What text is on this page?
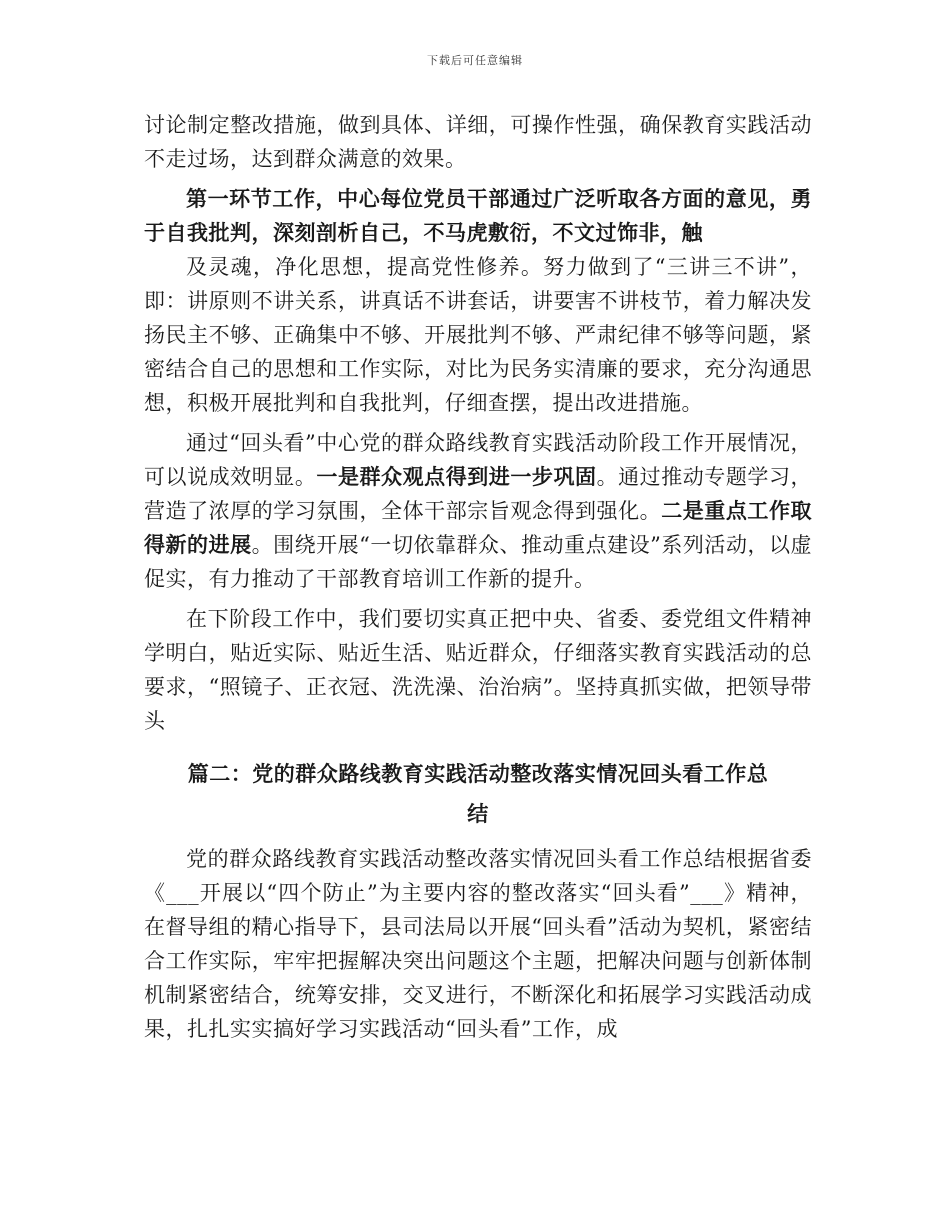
下载后可任意编辑

讨论制定整改措施，做到具体、详细，可操作性强，确保教育实践活动不走过场，达到群众满意的效果。

第一环节工作，中心每位党员干部通过广泛听取各方面的意见，勇于自我批判，深刻剖析自己，不马虎敷衍，不文过饰非，触

及灵魂，净化思想，提高党性修养。努力做到了“三讲三不讲”，即：讲原则不讲关系，讲真话不讲套话，讲要害不讲枝节，着力解决发扬民主不够、正确集中不够、开展批判不够、严肃纪律不够等问题，紧密结合自己的思想和工作实际，对比为民务实清廉的要求，充分沟通思想，积极开展批判和自我批判，仔细查摆，提出改进措施。

通过“回头看”中心党的群众路线教育实践活动阶段工作开展情况，可以说成效明显。一是群众观点得到进一步巩固。通过推动专题学习，营造了浓厚的学习氛围，全体干部宗旨观念得到强化。二是重点工作取得新的进展。围绕开展“一切依靠群众、推动重点建设”系列活动，以虚促实，有力推动了干部教育培训工作新的提升。

在下阶段工作中，我们要切实真正把中央、省委、委党组文件精神学明白，贴近实际、贴近生活、贴近群众，仔细落实教育实践活动的总要求，“照镜子、正衣冠、洗洗澡、治治病”。坚持真抓实做，把领导带头

篇二：党的群众路线教育实践活动整改落实情况回头看工作总结

党的群众路线教育实践活动整改落实情况回头看工作总结根据省委《___开展以“四个防止”为主要内容的整改落实“回头看”___》精神，在督导组的精心指导下，县司法局以开展“回头看”活动为契机，紧密结合工作实际，牢牢把握解决突出问题这个主题，把解决问题与创新体制机制紧密结合，统筹安排，交叉进行，不断深化和拓展学习实践活动成果，扎扎实实搞好学习实践活动“回头看”工作，成
